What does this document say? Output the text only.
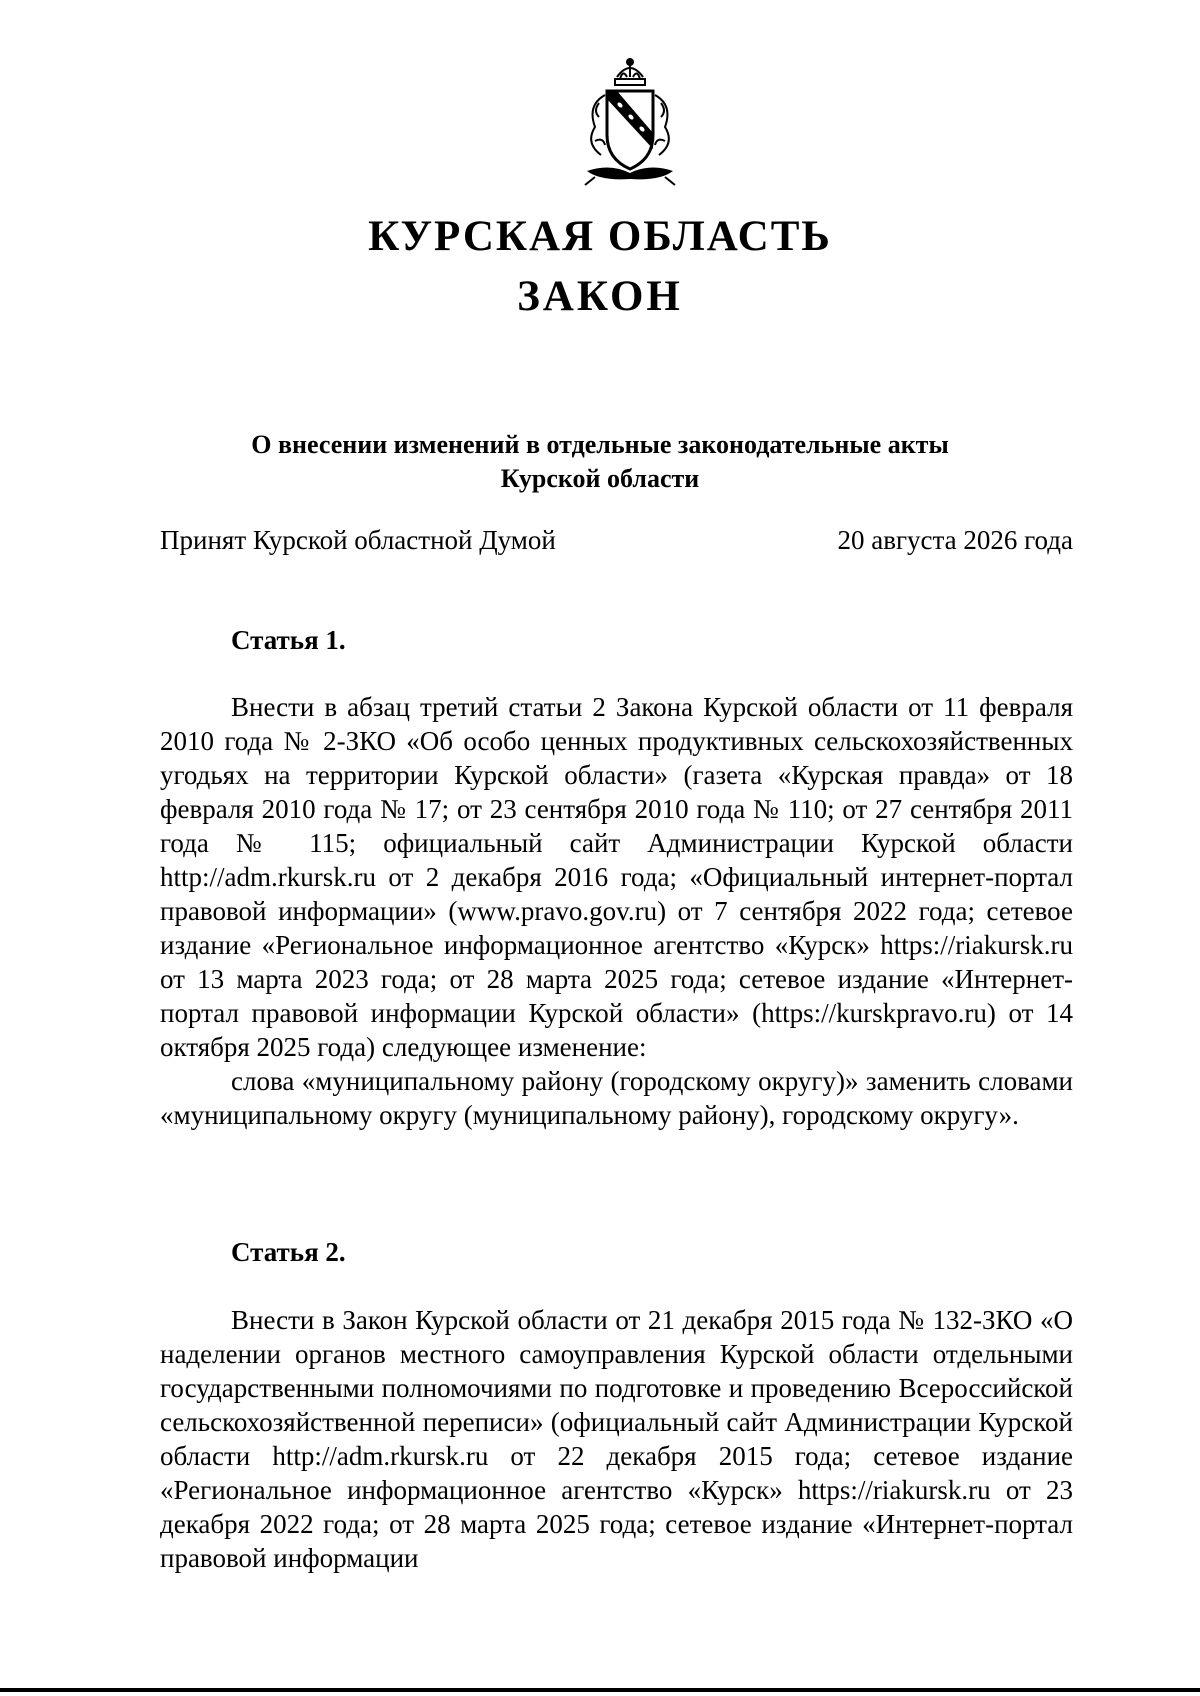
КУРСКАЯ ОБЛАСТЬ
ЗАКОН
О внесении изменений в отдельные законодательные акты
Курской области
Принят Курской областной Думой	20 августа 2026 года
Статья 1.

Внести в абзац третий статьи 2 Закона Курской области от 11 февраля 2010 года № 2-ЗКО «Об особо ценных продуктивных сельскохозяйственных угодьях на территории Курской области» (газета «Курская правда» от 18 февраля 2010 года № 17; от 23 сентября 2010 года № 110; от 27 сентября 2011 года № 115; официальный сайт Администрации Курской области http://adm.rkursk.ru от 2 декабря 2016 года; «Официальный интернет-портал правовой информации» (www.pravo.gov.ru) от 7 сентября 2022 года; сетевое издание «Региональное информационное агентство «Курск» https://riakursk.ru от 13 марта 2023 года; от 28 марта 2025 года; сетевое издание «Интернет-портал правовой информации Курской области» (https://kurskpravo.ru) от 14 октября 2025 года) следующее изменение:

слова «муниципальному району (городскому округу)» заменить словами «муниципальному округу (муниципальному району), городскому округу».

Статья 2.

Внести в Закон Курской области от 21 декабря 2015 года № 132-ЗКО «О наделении органов местного самоуправления Курской области отдельными государственными полномочиями по подготовке и проведению Всероссийской сельскохозяйственной переписи» (официальный сайт Администрации Курской области http://adm.rkursk.ru от 22 декабря 2015 года; сетевое издание «Региональное информационное агентство «Курск» https://riakursk.ru от 23 декабря 2022 года; от 28 марта 2025 года; сетевое издание «Интернет-портал правовой информации
